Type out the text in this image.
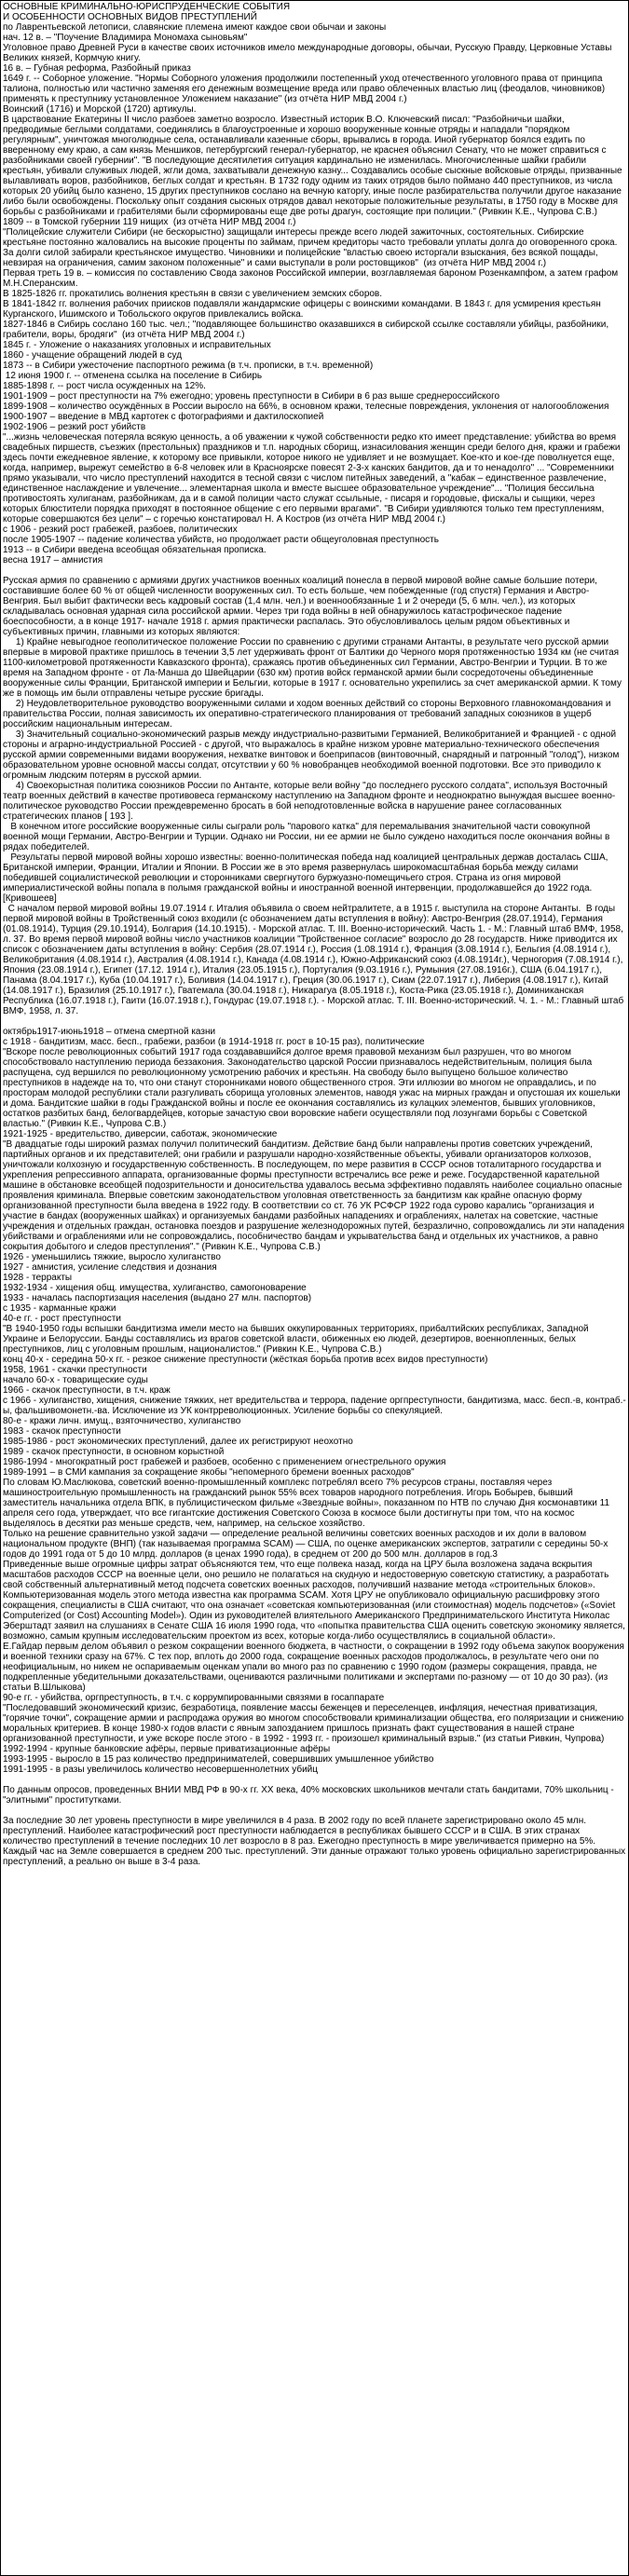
ОСНОВНЫЕ КРИМИНАЛЬНО-ЮРИСПРУДЕНЧЕСКИЕ СОБЫТИЯ
И ОСОБЕННОСТИ ОСНОВНЫХ ВИДОВ ПРЕСТУПЛЕНИЙ
по Лаврентьевской летописи, славянские племена имеют каждое свои обычаи и законы
нач. 12 в. – "Поучение Владимира Мономаха сыновьям"
Уголовное право Древней Руси в качестве своих источников имело международные договоры, обычаи, Русскую Правду, Церковные Уставы Великих князей, Кормчую книгу.
16 в. – Губная реформа, Разбойный приказ
1649 г. -- Соборное уложение. "Нормы Соборного уложения продолжили постепенный уход отечественного уголовного права от принципа талиона, полностью или частично заменяя его денежным возмещение вреда или право облеченных властью лиц (феодалов, чиновников) применять к преступнику установленное Уложением наказание" (из отчёта НИР МВД 2004 г.)
Воинский (1716) и Морской (1720) артикулы.
В царствование Екатерины II число разбоев заметно возросло. Известный историк В.О. Ключевский писал: "Разбойничьи шайки, предводимые беглыми солдатами, соединялись в благоустроенные и хорошо вооруженные конные отряды и нападали "порядком регулярным", уничтожая многолюдные села, останавливали казенные сборы, врывались в города. Иной губернатор боялся ездить по вверенному ему краю, а сам князь Меншиков, петербургский генерал-губернатор, не краснея объяснил Сенату, что не может справиться с разбойниками своей губернии". "В последующие десятилетия ситуация кардинально не изменилась. Многочисленные шайки грабили крестьян, убивали служивых людей, жгли дома, захватывали денежную казну... Создавались особые сыскные войсковые отряды, призванные вылавливать воров, разбойников, беглых солдат и крестьян. В 1732 году одним из таких отрядов было поймано 440 преступников, из числа которых 20 убийц было казнено, 15 других преступников сослано на вечную каторгу, иные после разбирательства получили другое наказание либо были освобождены. Поскольку опыт создания сыскных отрядов давал некоторые положительные результаты, в 1750 году в Москве для борьбы с разбойниками и грабителями были сформированы еще две роты драгун, состоящие при полиции." (Ривкин К.Е., Чупрова С.В.)
1809 -- в Томской губернии 119 нищих  (из отчёта НИР МВД 2004 г.)
"Полицейские служители Сибири (не бескорыстно) защищали интересы прежде всего людей зажиточных, состоятельных. Сибирские крестьяне постоянно жаловались на высокие проценты по займам, причем кредиторы часто требовали уплаты долга до оговоренного срока. За долги силой забирали крестьянское имущество. Чиновники и полицейские "властью своею исторгали взыскания, без всякой пощады, невзирая на ограничения, самим законом положенные" и сами выступали в роли ростовщиков"  (из отчёта НИР МВД 2004 г.)
Первая треть 19 в. – комиссия по составлению Свода законов Российской империи, возглавляемая бароном Розенкампфом, а затем графом М.Н.Сперанским.
В 1825-1826 гг. прокатились волнения крестьян в связи с увеличением земских сборов.
В 1841-1842 гг. волнения рабочих приисков подавляли жандармские офицеры с воинскими командами. В 1843 г. для усмирения крестьян Курганского, Ишимского и Тобольского округов привлекались войска.
1827-1846 в Сибирь сослано 160 тыс. чел.; "подавляющее большинство оказавшихся в сибирской ссылке составляли убийцы, разбойники, грабители, воры, бродяги"  (из отчёта НИР МВД 2004 г.)
1845 г. - Уложение о наказаниях уголовных и исправительных
1860 - учащение обращений людей в суд
1873 -- в Сибири ужесточение паспортного режима (в т.ч. прописки, в т.ч. временной)
12 июня 1900 г. -- отменена ссылка на поселение в Сибирь
1885-1898 г. -- рост числа осужденных на 12%.
1901-1909 – рост преступности на 7% ежегодно; уровень преступности в Сибири в 6 раз выше среднероссийского
1899-1908 – количество осуждённых в России выросло на 66%, в основном кражи, телесные повреждения, уклонения от налогообложения
1900-1907 – введение в МВД картотек с фотографиями и дактилоскопией
1902-1906 – резкий рост убийств
"...жизнь человеческая потеряла всякую ценность, а об уважении к чужой собственности редко кто имеет представление: убийства во время свадебных пиршеств, съезжих (престольных) праздников и т.п. народных сборищ, изнасилования женщин среди белого дня, кражи и грабежи здесь почти ежедневное явление, к которому все привыкли, которое никого не удивляет и не возмущает. Кое-кто и кое-где поволнуется еще, когда, например, вырежут семейство в 6-8 человек или в Красноярске повесят 2-3-х канских бандитов, да и то ненадолго" ... "Современники прямо указывали, что число преступлений находится в тесной связи с числом питейных заведений, а "кабак – единственное развлечение, единственное наслаждение и увлечение... элементарная школа и вместе высшее образовательное учреждение"... "Полиция бессильна противостоять хулиганам, разбойникам, да и в самой полиции часто служат ссыльные, - писаря и городовые, фискалы и сыщики, через которых блюстители порядка приходят в постоянное общение с его первыми врагами". "В Сибири удивляются только тем преступлениям, которые совершаются без цели" – с горечью констатировал Н. А Костров (из отчёта НИР МВД 2004 г.)
с 1906 - резкий рост грабежей, разбоев, политических
после 1905-1907 -- падение количества убийств, но продолжает расти общеуголовная преступность
1913 -- в Сибири введена всеобщая обязательная прописка.
весна 1917 – амнистия
Русская армия по сравнению с армиями других участников военных коалиций понесла в первой мировой войне самые большие потери, составившие более 60 % от общей численности вооруженных сил. То есть больше, чем побежденные (год спустя) Германия и Австро-Венгрия. Был выбит фактически весь кадровый состав (1,4 млн. чел.) и военнообязанные 1 и 2 очереди (5, 6 млн. чел.), из которых складывалась основная ударная сила российской армии. Через три года войны в ней обнаружилось катастрофическое падение боеспособности, а в конце 1917- начале 1918 г. армия практически распалась. Это обусловливалось целым рядом объективных и субъективных причин, главными из которых являются:
1) Крайне невыгодное геополитическое положение России по сравнению с другими странами Антанты, в результате чего русской армии впервые в мировой практике пришлось в течении 3,5 лет удерживать фронт от Балтики до Черного моря протяженностью 1934 км (не считая 1100-километровой протяженности Кавказского фронта), сражаясь против объединенных сил Германии, Австро-Венгрии и Турции. В то же время на Западном фронте - от Ла-Манша до Швейцарии (630 км) против войск германской армии были сосредоточены объединенные вооруженные силы Франции, Британской империи и Бельгии, которые в 1917 г. основательно укрепились за счет американской армии. К тому же в помощь им были отправлены четыре русские бригады.
2) Неудовлетворительное руководство вооруженными силами и ходом военных действий со стороны Верховного главнокомандования и правительства России, полная зависимость их оперативно-стратегического планирования от требований западных союзников в ущерб российским национальным интересам.
3) Значительный социально-экономический разрыв между индустриально-развитыми Германией, Великобританией и Францией - с одной стороны и аграрно-индустриальной Россией - с другой, что выражалось в крайне низком уровне материально-технического обеспечения русской армии современными видами вооружения, нехватке винтовок и боеприпасов (винтовочный, снарядный и патронный "голод"), низком образовательном уровне основной массы солдат, отсутствии у 60 % новобранцев необходимой военной подготовки. Все это приводило к огромным людским потерям в русской армии.
4) Своекорыстная политика союзников России по Антанте, которые вели войну "до последнего русского солдата", используя Восточный театр военных действий в качестве противовеса германскому наступлению на Западном фронте и неоднократно вынуждая высшее военно-политическое руководство России преждевременно бросать в бой неподготовленные войска в нарушение ранее согласованных стратегических планов [ 193 ].
В конечном итоге российские вооруженные силы сыграли роль "парового катка" для перемалывания значительной части совокупной военной мощи Германии, Австро-Венгрии и Турции. Однако ни России, ни ее армии не было суждено находиться после окончания войны в рядах победителей.
Результаты первой мировой войны хорошо известны: военно-политическая победа над коалицией центральных держав досталась США, Британской империи, Франции, Италии и Японии. В России же в это время развернулась широкомасштабная борьба между силами победившей социалистической революции и сторонниками свергнутого буржуазно-помещичьего строя. Страна из огня мировой империалистической войны попала в полымя гражданской войны и иностранной военной интервенции, продолжавшейся до 1922 года. [Кривошеев]
С началом первой мировой войны 19.07.1914 г. Италия объявила о своем нейтралитете, а в 1915 г. выступила на стороне Антанты.  В годы первой мировой войны в Тройственный союз входили (с обозначением даты вступления в войну): Австро-Венгрия (28.07.1914), Германия (01.08.1914), Турция (29.10.1914), Болгария (14.10.1915). - Морской атлас. Т. III. Военно-исторический. Часть 1. - М.: Главный штаб ВМФ, 1958, л. 37. Во время первой мировой войны число участников коалиции "Тройственное согласие" возросло до 28 государств. Ниже приводится их список с обозначением даты вступления в войну: Сербия (28.07.1914 г.), Россия (1.08.1914 г.), Франция (3.08.1914 г.), Бельгия (4.08.1914 г.), Великобритания (4.08.1914 г.), Австралия (4.08.1914 г.), Канада (4.08.1914 г.), Южно-Африканский союз (4.08.1914г.), Черногория (7.08.1914 г.), Япония (23.08.1914 г.), Египет (17.12. 1914 г.), Италия (23.05.1915 г.), Португалия (9.03.1916 г.), Румыния (27.08.1916г.), США (6.04.1917 г.), Панама (8.04.1917 г.), Куба (10.04.1917 г.), Боливия (14.04.1917 г.), Греция (30.06.1917 г.), Сиам (22.07.1917 г.), Либерия (4.08.1917 г.), Китай (14.08.1917 г.), Бразилия (25.10.1917 г.), Гватемала (30.04.1918 г.), Никарагуа (8.05.1918 г.), Коста-Рика (23.05.1918 г.), Доминиканская Республика (16.07.1918 г.), Гаити (16.07.1918 г.), Гондурас (19.07.1918 г.). - Морской атлас. Т. III. Военно-исторический. Ч. 1. - М.: Главный штаб ВМФ, 1958, л. 37.
октябрь1917-июнь1918 – отмена смертной казни
с 1918 - бандитизм, масс. бесп., грабежи, разбои (в 1914-1918 гг. рост в 10-15 раз), политические
"Вскоре после революционных событий 1917 года создававшийся долгое время правовой механизм был разрушен, что во многом способствовало наступлению периода беззакония. Законодательство царской России признавалось недействительным, полиция была распущена, суд вершился по революционному усмотрению рабочих и крестьян. На свободу было выпущено большое количество преступников в надежде на то, что они станут сторонниками нового общественного строя. Эти иллюзии во многом не оправдались, и по просторам молодой республики стали разгуливать сборища уголовных элементов, наводя ужас на мирных граждан и опустошая их кошельки и дома. Бандитские шайки в годы Гражданской войны и после ее окончания составлялись из кулацких элементов, бывших уголовников, остатков разбитых банд, белогвардейцев, которые зачастую свои воровские набеги осуществляли под лозунгами борьбы с Советской властью." (Ривкин К.Е., Чупрова С.В.)
1921-1925 - вредительство, диверсии, саботаж, экономические
"В двадцатые годы широкий размах получил политический бандитизм. Действие банд были направлены против советских учреждений, партийных органов и их представителей; они грабили и разрушали народно-хозяйственные объекты, убивали организаторов колхозов, уничтожали колхозную и государственную собственность. В последующем, по мере развития в СССР основ тоталитарного государства и укрепления репрессивного аппарата, организованные формы преступности встречались все реже и реже. Государственной карательной машине в обстановке всеобщей подозрительности и доносительства удавалось весьма эффективно подавлять наиболее социально опасные проявления криминала. Впервые советским законодательством уголовная ответственность за бандитизм как крайне опасную форму организованной преступности была введена в 1922 году. В соответствии со ст. 76 УК РСФСР 1922 года сурово карались "организация и участие в бандах (вооруженных шайках) и организуемых бандами разбойных нападениях и ограблениях, налетах на советские, частные учреждения и отдельных граждан, остановка поездов и разрушение железнодорожных путей, безразлично, сопровождались ли эти нападения убийствами и ограблениями или не сопровождались, пособничество бандам и укрывательства банд и отдельных их участников, а равно сокрытия добытого и следов преступления"." (Ривкин К.Е., Чупрова С.В.)
1926 - уменьшились тяжкие, выросло хулиганство
1927 - амнистия, усиление следствия и дознания
1928 - терракты
1932-1934 - хищения общ. имущества, хулиганство, самогоноварение
1933 - началась паспортизация населения (выдано 27 млн. паспортов)
с 1935 - карманные кражи
40-е гг. - рост преступности
"В 1940-1950 годы вспышки бандитизма имели место на бывших оккупированных территориях, прибалтийских республиках, Западной Украине и Белоруссии. Банды составлялись из врагов советской власти, обиженных ею людей, дезертиров, военнопленных, белых преступников, лиц с уголовным прошлым, националистов." (Ривкин К.Е., Чупрова С.В.)
конц 40-х - середина 50-х гг. - резкое снижение преступности (жёсткая борьба против всех видов преступности)
1958, 1961 - скачки преступности
начало 60-х - товарищеские суды
1966 - скачок преступности, в т.ч. краж
с 1966 - хулиганство, хищения, снижение тяжких, нет вредительства и террора, падение оргпреступности, бандитизма, масс. бесп.-в, контраб.-ы, фальшивомонетн.-ва. Исключение из УК контрреволюционных. Усиление борьбы со спекуляцией.
80-е - кражи личн. имущ., взяточничество, хулиганство
1983 - скачок преступности
1985-1986 - рост экономических преступлений, далее их регистрируют неохотно
1989 - скачок преступности, в основном корыстной
1986-1994 - многократный рост грабежей и разбоев, особенно с применением огнестрельного оружия
1989-1991 – в СМИ кампания за сокращение якобы "непомерного бремени военных расходов"
По словам Ю.Маслюкова, советский военно-промышленный комплекс потреблял всего 7% ресурсов страны, поставляя через машиностроительную промышленность на гражданский рынок 55% всех товаров народного потребления. Игорь Бобырев, бывший заместитель начальника отдела ВПК, в публицистическом фильме «Звездные войны», показанном по НТВ по случаю Дня космонавтики 11 апреля сего года, утверждает, что все гигантские достижения Советского Союза в космосе были достигнуты при том, что на космос выделялось в десятки раз меньше средств, чем, например, на сельское хозяйство.
Только на решение сравнительно узкой задачи — определение реальной величины советских военных расходов и их доли в валовом национальном продукте (ВНП) (так называемая программа SCAM) — США, по оценке американских экспертов, затратили с середины 50-х годов до 1991 года от 5 до 10 млрд. долларов (в ценах 1990 года), в среднем от 200 до 500 млн. долларов в год.3
Приведенные выше огромные цифры затрат объясняются тем, что еще полвека назад, когда на ЦРУ была возложена задача вскрытия масштабов расходов СССР на военные цели, оно решило не полагаться на скудную и недостоверную советскую статистику, а разработать свой собственный альтернативный метод подсчета советских военных расходов, получивший название метода «строительных блоков». Компьютеризованная модель этого метода известна как программа SCAM. Хотя ЦРУ не опубликовало официальную расшифровку этого сокращения, специалисты в США считают, что она означает «советская компьютеризованная (или стоимостная) модель подсчетов» («Soviet Computerized (or Cost) Accounting Model»). Один из руководителей влиятельного Американского Предпринимательского Института Николас Эберштадт заявил на слушаниях в Сенате США 16 июля 1990 года, что «попытка правительства США оценить советскую экономику является, возможно, самым крупным исследовательским проектом из всех, которые когда-либо осуществлялись в социальной области».
Е.Гайдар первым делом объявил о резком сокращении военного бюджета, в частности, о сокращении в 1992 году объема закупок вооружения и военной техники сразу на 67%. С тех пор, вплоть до 2000 года, сокращение военных расходов продолжалось, в результате чего они по неофициальным, но никем не оспариваемым оценкам упали во много раз по сравнению с 1990 годом (размеры сокращения, правда, не подкрепленные убедительными доказательствами, оцениваются различными политиками и экспертами по-разному — от 10 до 30 раз). (из статьи В.Шлыкова)
90-е гг. - убийства, оргпреступность, в т.ч. с коррумпированными связями в госаппарате
"Последовавший экономический кризис, безработица, появление массы беженцев и переселенцев, инфляция, нечестная приватизация, "горячие точки", сокращение армии и распродажа оружия во многом способствовали криминализации общества, его поляризации и снижению моральных критериев. В конце 1980-х годов власти с явным запозданием пришлось признать факт существования в нашей стране организованной преступности, и уже вскоре после этого - в 1992 - 1993 гг. - произошел криминальный взрыв." (из статьи Ривкин, Чупрова)
1992-1994 - крупные банковские афёры, первые приватизационные афёры
1993-1995 - выросло в 15 раз количество предпринимателей, совершивших умышленное убийство
1991-1995 - в разы увеличилось количество несовершеннолетних убийц
По данным опросов, проведенных ВНИИ МВД РФ в 90-х гг. XX века, 40% московских школьников мечтали стать бандитами, 70% школьниц - "элитными" проститутками.
За последние 30 лет уровень преступности в мире увеличился в 4 раза. В 2002 году по всей планете зарегистрировано около 45 млн. преступлений. Наиболее катастрофический рост преступности наблюдается в республиках бывшего СССР и в США. В этих странах количество преступлений в течение последних 10 лет возросло в 8 раз. Ежегодно преступность в мире увеличивается примерно на 5%. Каждый час на Земле совершается в среднем 200 тыс. преступлений. Эти данные отражают только уровень официально зарегистрированных преступлений, а реально он выше в 3-4 раза.
